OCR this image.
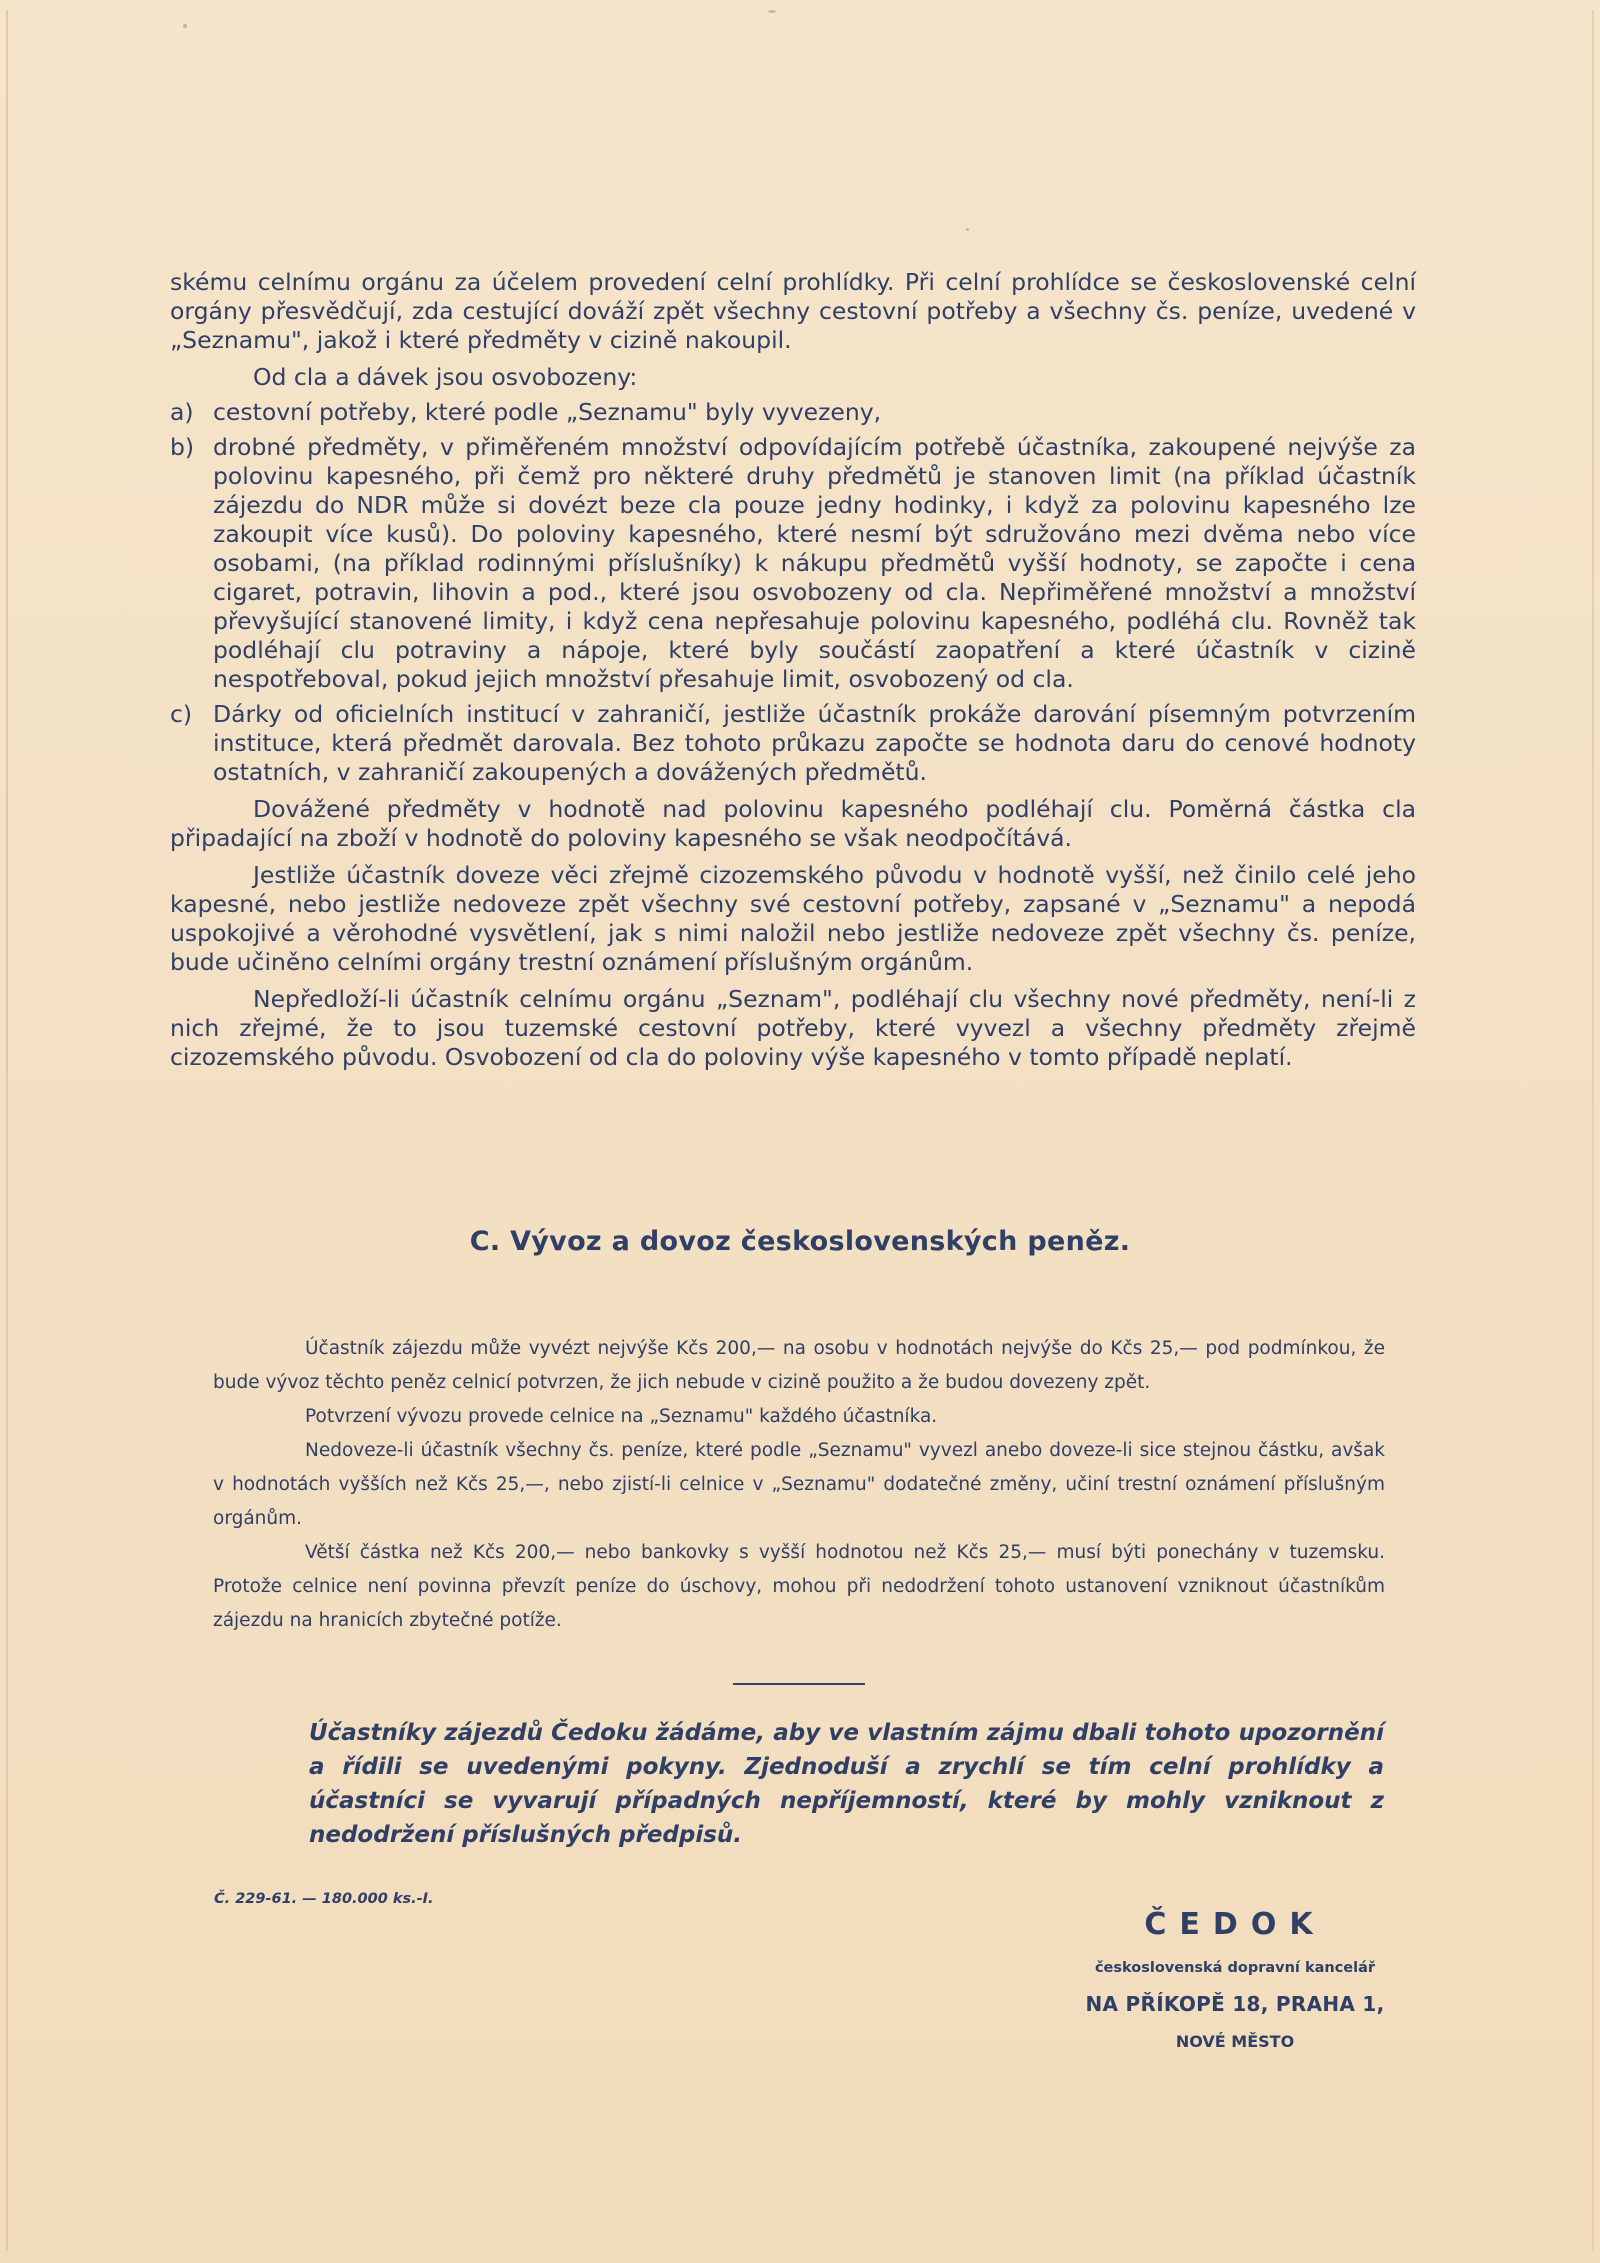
skému celnímu orgánu za účelem provedení celní prohlídky. Při celní prohlídce se československé celní orgány přesvědčují, zda cestující dováží zpět všechny cestovní potřeby a všechny čs. peníze, uvedené v „Seznamu", jakož i které předměty v cizině nakoupil.

Od cla a dávek jsou osvobozeny:

a) cestovní potřeby, které podle „Seznamu" byly vyvezeny,
b) drobné předměty, v přiměřeném množství odpovídajícím potřebě účastníka, zakoupené nejvýše za polovinu kapesného, při čemž pro některé druhy předmětů je stanoven limit (na příklad účastník zájezdu do NDR může si dovézt beze cla pouze jedny hodinky, i když za polovinu kapesného lze zakoupit více kusů). Do poloviny kapesného, které nesmí být sdružováno mezi dvěma nebo více osobami, (na příklad rodinnými příslušníky) k nákupu předmětů vyšší hodnoty, se započte i cena cigaret, potravin, lihovin a pod., které jsou osvobozeny od cla. Nepřiměřené množství a množství převyšující stanovené limity, i když cena nepřesahuje polovinu kapesného, podléhá clu. Rovněž tak podléhají clu potraviny a nápoje, které byly součástí zaopatření a které účastník v cizině nespotřeboval, pokud jejich množství přesahuje limit, osvobozený od cla.
c) Dárky od oficielních institucí v zahraničí, jestliže účastník prokáže darování písemným potvrzením instituce, která předmět darovala. Bez tohoto průkazu započte se hodnota daru do cenové hodnoty ostatních, v zahraničí zakoupených a dovážených předmětů.

Dovážené předměty v hodnotě nad polovinu kapesného podléhají clu. Poměrná částka cla připadající na zboží v hodnotě do poloviny kapesného se však neodpočítává.

Jestliže účastník doveze věci zřejmě cizozemského původu v hodnotě vyšší, než činilo celé jeho kapesné, nebo jestliže nedoveze zpět všechny své cestovní potřeby, zapsané v „Seznamu" a nepodá uspokojivé a věrohodné vysvětlení, jak s nimi naložil nebo jestliže nedoveze zpět všechny čs. peníze, bude učiněno celními orgány trestní oznámení příslušným orgánům.

Nepředloží-li účastník celnímu orgánu „Seznam", podléhají clu všechny nové předměty, není-li z nich zřejmé, že to jsou tuzemské cestovní potřeby, které vyvezl a všechny předměty zřejmě cizozemského původu. Osvobození od cla do poloviny výše kapesného v tomto případě neplatí.

C. Vývoz a dovoz československých peněz.

Účastník zájezdu může vyvézt nejvýše Kčs 200,— na osobu v hodnotách nejvýše do Kčs 25,— pod podmínkou, že bude vývoz těchto peněz celnicí potvrzen, že jich nebude v cizině použito a že budou dovezeny zpět.

Potvrzení vývozu provede celnice na „Seznamu" každého účastníka.

Nedoveze-li účastník všechny čs. peníze, které podle „Seznamu" vyvezl anebo doveze-li sice stejnou částku, avšak v hodnotách vyšších než Kčs 25,—, nebo zjistí-li celnice v „Seznamu" dodatečné změny, učiní trestní oznámení příslušným orgánům.

Větší částka než Kčs 200,— nebo bankovky s vyšší hodnotou než Kčs 25,— musí býti ponechány v tuzemsku. Protože celnice není povinna převzít peníze do úschovy, mohou při nedodržení tohoto ustanovení vzniknout účastníkům zájezdu na hranicích zbytečné potíže.

Účastníky zájezdů Čedoku žádáme, aby ve vlastním zájmu dbali tohoto upozornění a řídili se uvedenými pokyny. Zjednoduší a zrychlí se tím celní prohlídky a účastníci se vyvarují případných nepříjemností, které by mohly vzniknout z nedodržení příslušných předpisů.
Č. 229-61. — 180.000 ks.-I.
ČEDOK
československá dopravní kancelář
NA PŘÍKOPĚ 18, PRAHA 1,
NOVÉ MĚSTO
